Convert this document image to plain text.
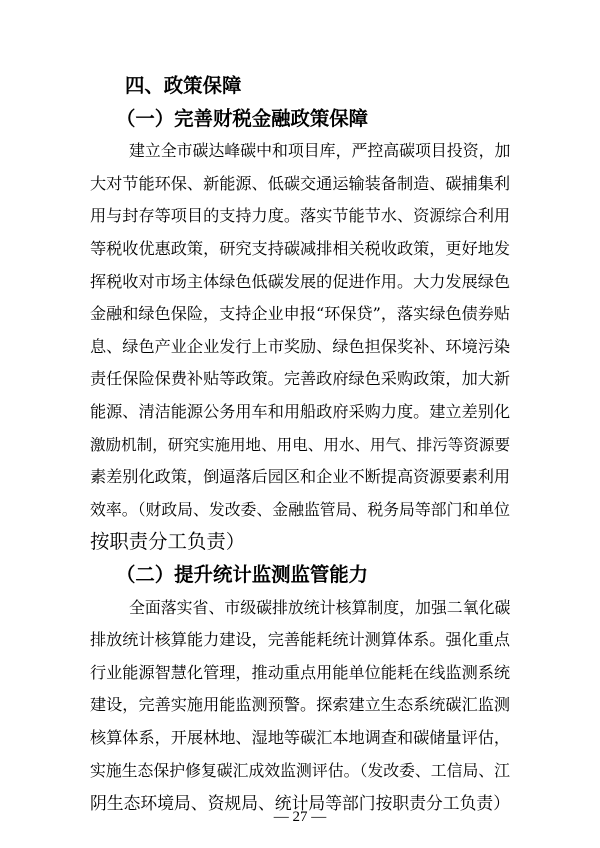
四、政策保障
（一）完善财税金融政策保障
建立全市碳达峰碳中和项目库，严控高碳项目投资，加
大对节能环保、新能源、低碳交通运输装备制造、碳捕集利
用与封存等项目的支持力度。落实节能节水、资源综合利用
等税收优惠政策，研究支持碳减排相关税收政策，更好地发
挥税收对市场主体绿色低碳发展的促进作用。大力发展绿色
金融和绿色保险，支持企业申报“环保贷”，落实绿色债券贴
息、绿色产业企业发行上市奖励、绿色担保奖补、环境污染
责任保险保费补贴等政策。完善政府绿色采购政策，加大新
能源、清洁能源公务用车和用船政府采购力度。建立差别化
激励机制，研究实施用地、用电、用水、用气、排污等资源要
素差别化政策，倒逼落后园区和企业不断提高资源要素利用
效率。（财政局、发改委、金融监管局、税务局等部门和单位
按职责分工负责）
（二）提升统计监测监管能力
全面落实省、市级碳排放统计核算制度，加强二氧化碳
排放统计核算能力建设，完善能耗统计测算体系。强化重点
行业能源智慧化管理，推动重点用能单位能耗在线监测系统
建设，完善实施用能监测预警。探索建立生态系统碳汇监测
核算体系，开展林地、湿地等碳汇本地调查和碳储量评估，
实施生态保护修复碳汇成效监测评估。（发改委、工信局、江
阴生态环境局、资规局、统计局等部门按职责分工负责）
— 27 —
